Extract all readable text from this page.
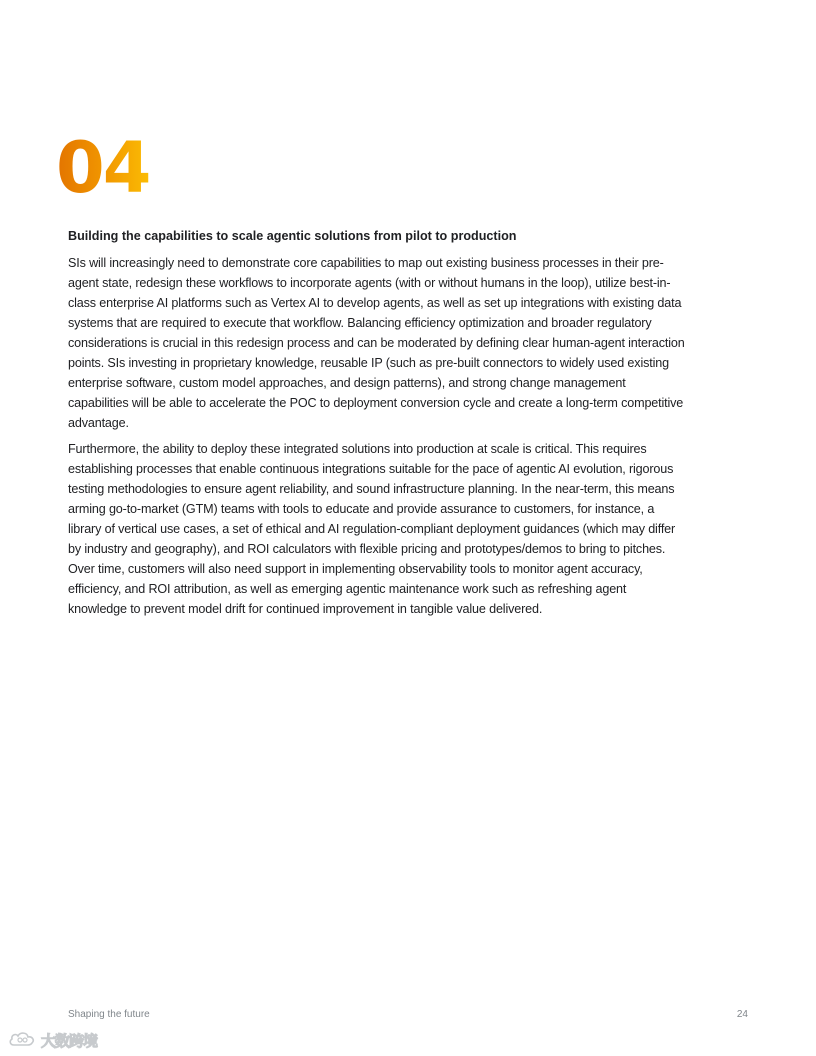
04

Building the capabilities to scale agentic solutions from pilot to production

SIs will increasingly need to demonstrate core capabilities to map out existing business processes in their pre-agent state, redesign these workflows to incorporate agents (with or without humans in the loop), utilize best-in-class enterprise AI platforms such as Vertex AI to develop agents, as well as set up integrations with existing data systems that are required to execute that workflow. Balancing efficiency optimization and broader regulatory considerations is crucial in this redesign process and can be moderated by defining clear human-agent interaction points. SIs investing in proprietary knowledge, reusable IP (such as pre-built connectors to widely used existing enterprise software, custom model approaches, and design patterns), and strong change management capabilities will be able to accelerate the POC to deployment conversion cycle and create a long-term competitive advantage.

Furthermore, the ability to deploy these integrated solutions into production at scale is critical. This requires establishing processes that enable continuous integrations suitable for the pace of agentic AI evolution, rigorous testing methodologies to ensure agent reliability, and sound infrastructure planning. In the near-term, this means arming go-to-market (GTM) teams with tools to educate and provide assurance to customers, for instance, a library of vertical use cases, a set of ethical and AI regulation-compliant deployment guidances (which may differ by industry and geography), and ROI calculators with flexible pricing and prototypes/demos to bring to pitches. Over time, customers will also need support in implementing observability tools to monitor agent accuracy, efficiency, and ROI attribution, as well as emerging agentic maintenance work such as refreshing agent knowledge to prevent model drift for continued improvement in tangible value delivered.

Shaping the future	24
大数跨境
